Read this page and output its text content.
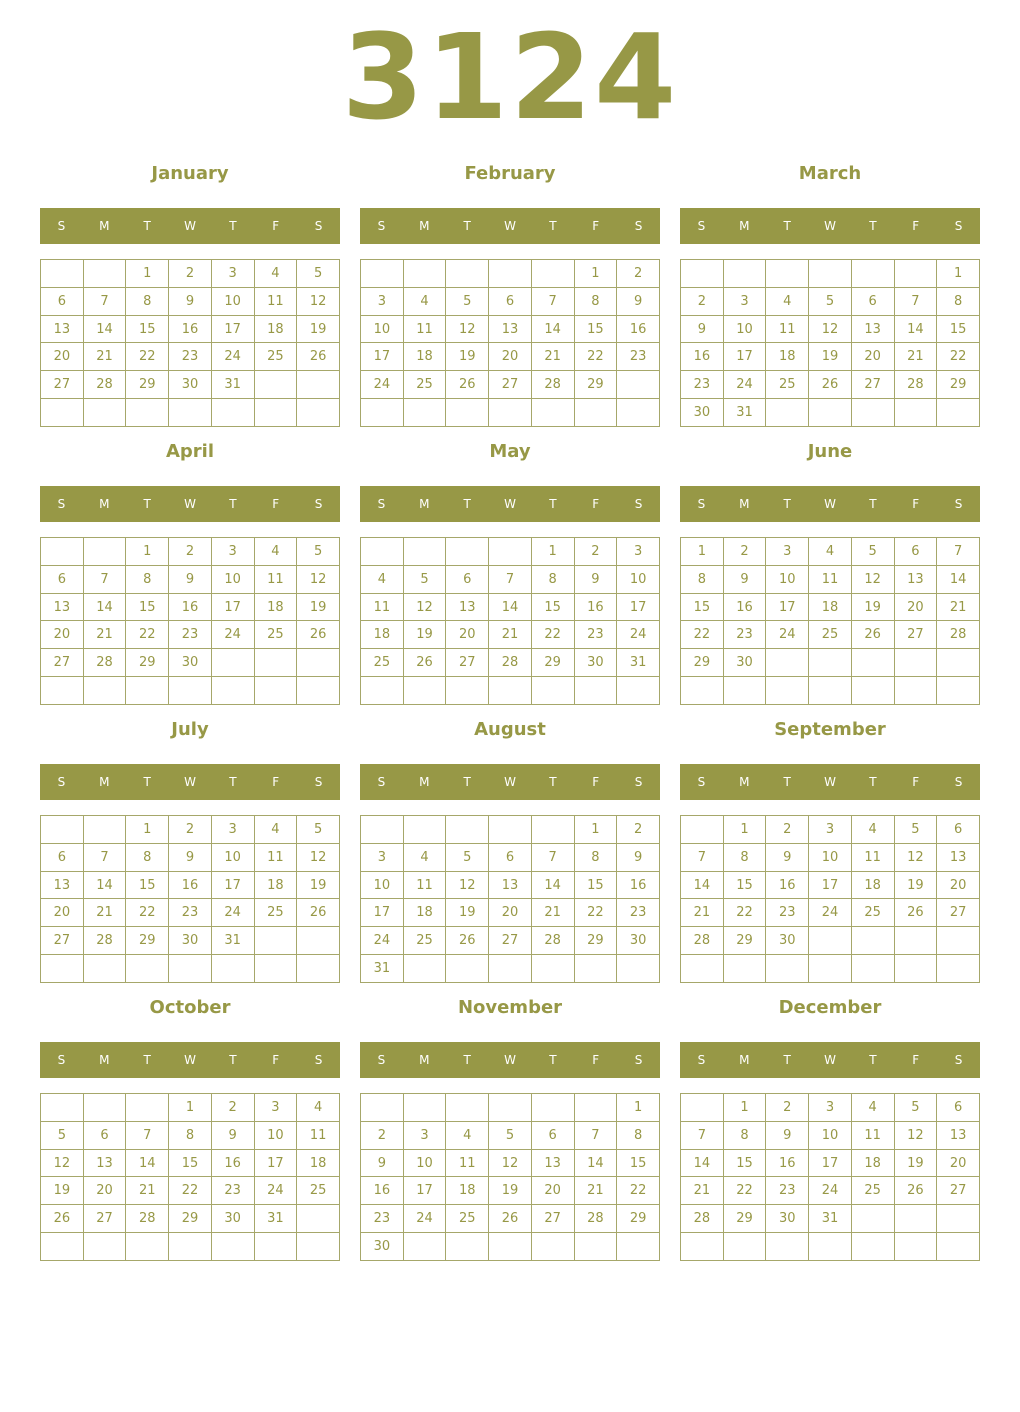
3124
January
S	M	T	W	T	F	S
		1	2	3	4	5
6	7	8	9	10	11	12
13	14	15	16	17	18	19
20	21	22	23	24	25	26
27	28	29	30	31		

February
S	M	T	W	T	F	S
					1	2
3	4	5	6	7	8	9
10	11	12	13	14	15	16
17	18	19	20	21	22	23
24	25	26	27	28	29	

March
S	M	T	W	T	F	S
						1
2	3	4	5	6	7	8
9	10	11	12	13	14	15
16	17	18	19	20	21	22
23	24	25	26	27	28	29
30	31					
April
S	M	T	W	T	F	S
		1	2	3	4	5
6	7	8	9	10	11	12
13	14	15	16	17	18	19
20	21	22	23	24	25	26
27	28	29	30			

May
S	M	T	W	T	F	S
				1	2	3
4	5	6	7	8	9	10
11	12	13	14	15	16	17
18	19	20	21	22	23	24
25	26	27	28	29	30	31

June
S	M	T	W	T	F	S
1	2	3	4	5	6	7
8	9	10	11	12	13	14
15	16	17	18	19	20	21
22	23	24	25	26	27	28
29	30					

July
S	M	T	W	T	F	S
		1	2	3	4	5
6	7	8	9	10	11	12
13	14	15	16	17	18	19
20	21	22	23	24	25	26
27	28	29	30	31		

August
S	M	T	W	T	F	S
					1	2
3	4	5	6	7	8	9
10	11	12	13	14	15	16
17	18	19	20	21	22	23
24	25	26	27	28	29	30
31						
September
S	M	T	W	T	F	S
	1	2	3	4	5	6
7	8	9	10	11	12	13
14	15	16	17	18	19	20
21	22	23	24	25	26	27
28	29	30				

October
S	M	T	W	T	F	S
			1	2	3	4
5	6	7	8	9	10	11
12	13	14	15	16	17	18
19	20	21	22	23	24	25
26	27	28	29	30	31	

November
S	M	T	W	T	F	S
						1
2	3	4	5	6	7	8
9	10	11	12	13	14	15
16	17	18	19	20	21	22
23	24	25	26	27	28	29
30						
December
S	M	T	W	T	F	S
	1	2	3	4	5	6
7	8	9	10	11	12	13
14	15	16	17	18	19	20
21	22	23	24	25	26	27
28	29	30	31			
